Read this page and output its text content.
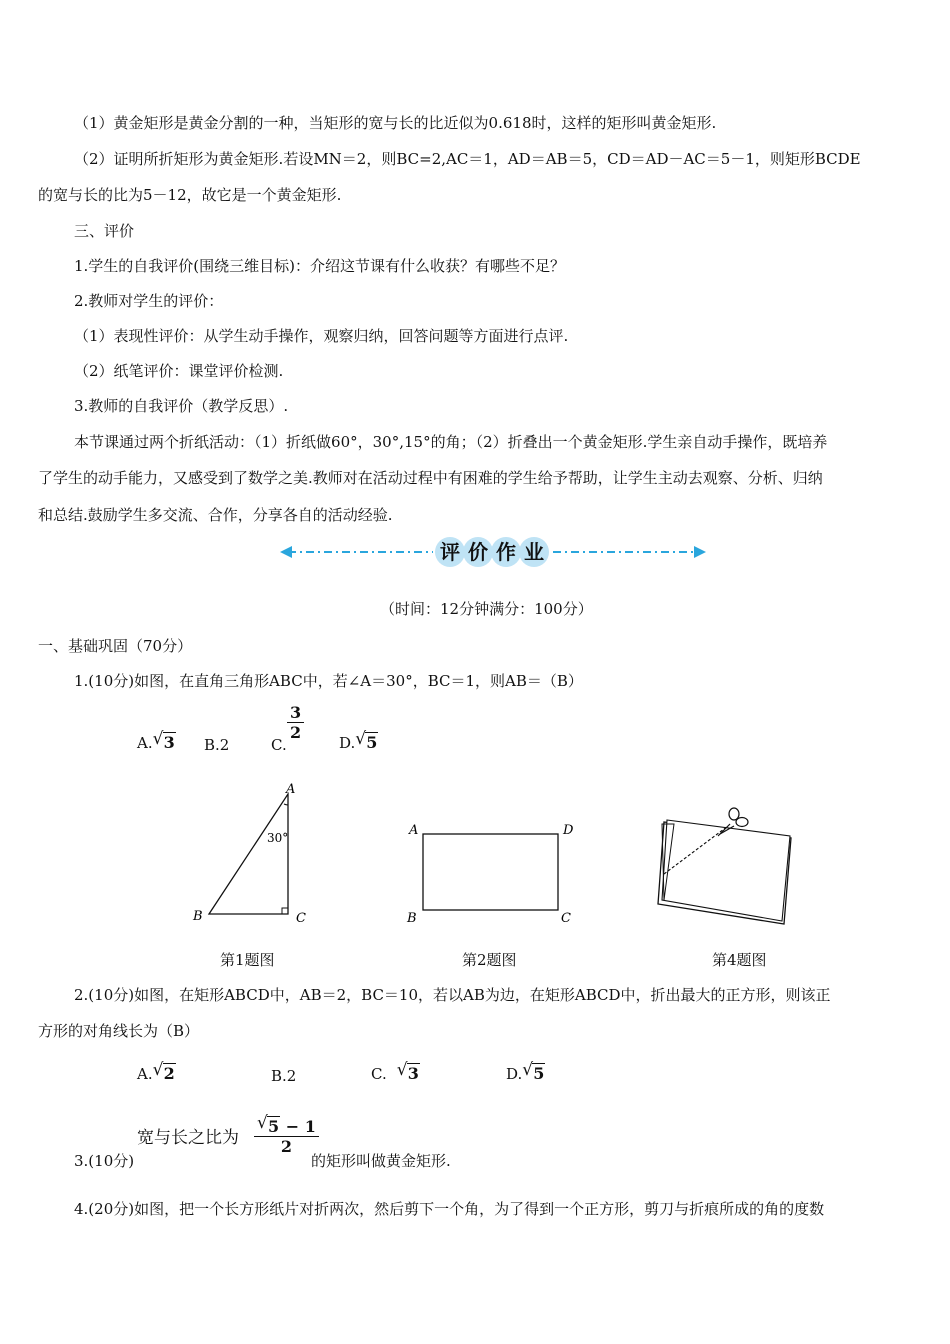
（1）黄金矩形是黄金分割的一种，当矩形的宽与长的比近似为0.618时，这样的矩形叫黄金矩形.
（2）证明所折矩形为黄金矩形.若设MN＝2，则BC=2,AC＝1，AD＝AB＝5，CD＝AD－AC＝5－1，则矩形BCDE
的宽与长的比为5－12，故它是一个黄金矩形.
三、评价
1.学生的自我评价(围绕三维目标)：介绍这节课有什么收获？有哪些不足？
2.教师对学生的评价：
（1）表现性评价：从学生动手操作，观察归纳，回答问题等方面进行点评.
（2）纸笔评价：课堂评价检测.
3.教师的自我评价（教学反思）.
本节课通过两个折纸活动：（1）折纸做60°，30°,15°的角；（2）折叠出一个黄金矩形.学生亲自动手操作，既培养
了学生的动手能力，又感受到了数学之美.教师对在活动过程中有困难的学生给予帮助，让学生主动去观察、分析、归纳
和总结.鼓励学生多交流、合作，分享各自的活动经验.
评 价 作 业
（时间：12分钟满分：100分）
一、基础巩固（70分）
1.(10分)如图，在直角三角形ABC中，若∠A＝30°，BC＝1，则AB＝（B）
A. √ 3 B.2	C.
$\frac{3}{2}$
D. √ 5
A
B	C
30°
第1题图
A	D
B	C
第2题图	第4题图
2.(10分)如图，在矩形ABCD中，AB＝2，BC＝10，若以AB为边，在矩形ABCD中，折出最大的正方形，则该正
方形的对角线长为（B）
A. √ 2	B.2	C. √ 3	D. √ 5
宽与长之比为 $\frac{√ 5 - 1}{2}$
3.(10分)	的矩形叫做黄金矩形.
4.(20分)如图，把一个长方形纸片对折两次，然后剪下一个角，为了得到一个正方形，剪刀与折痕所成的角的度数
